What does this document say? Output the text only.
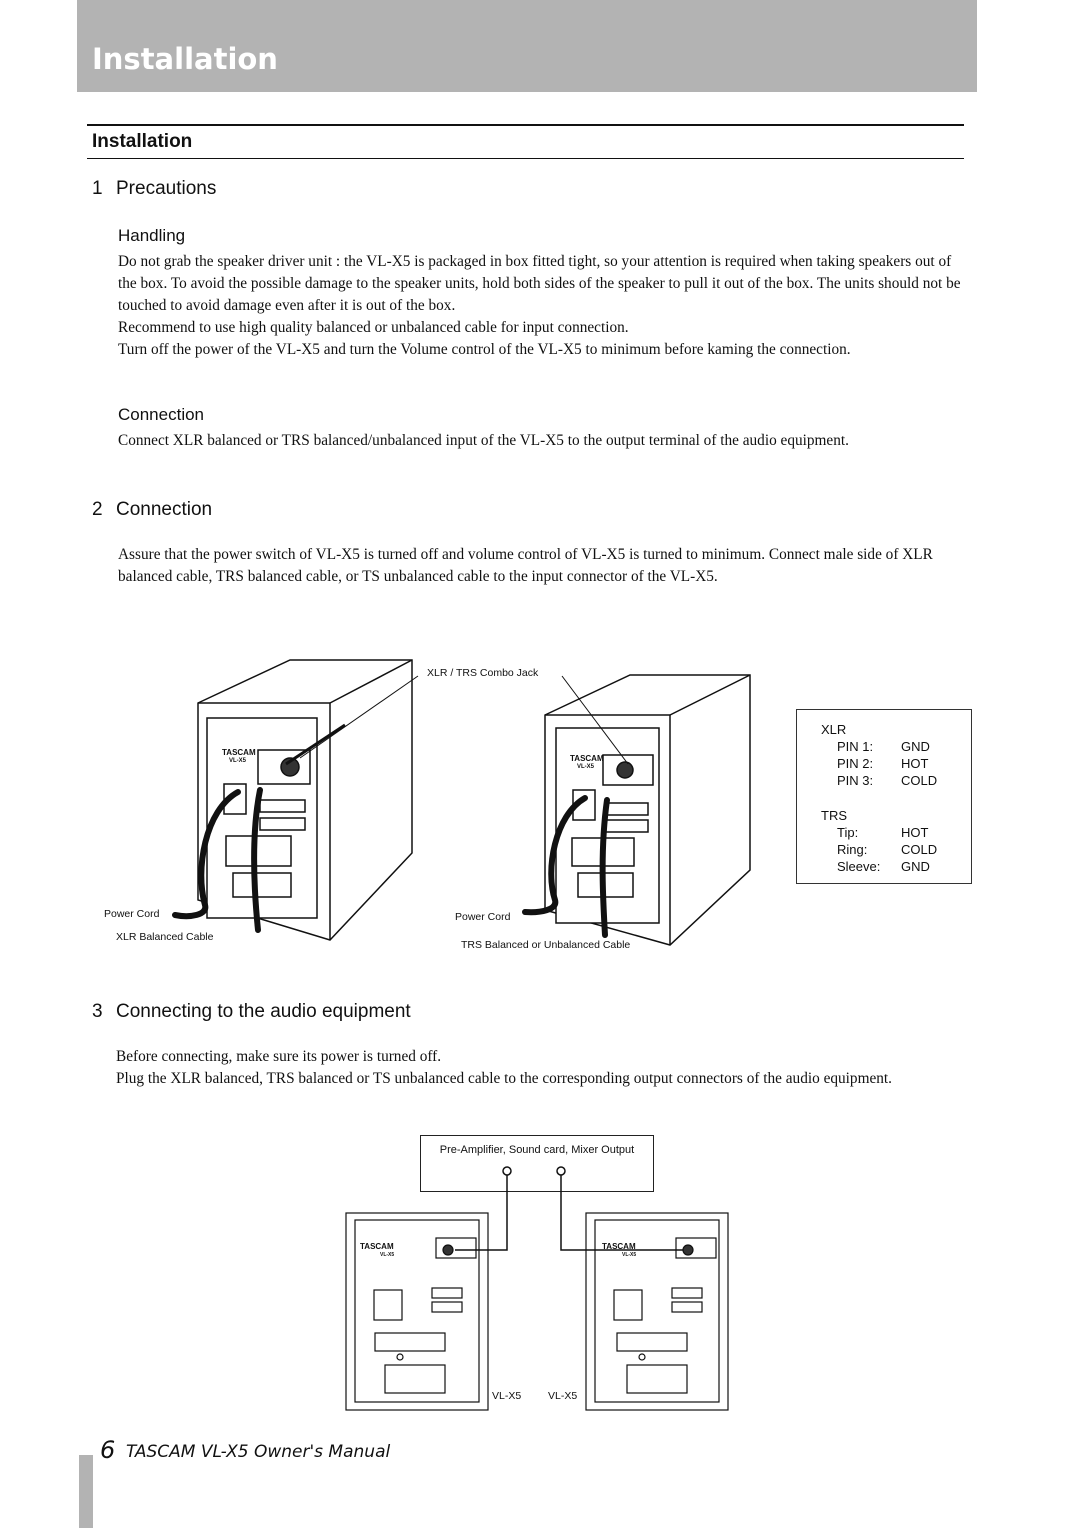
Installation
Installation
1 Precautions
Handling

Do not grab the speaker driver unit : the VL-X5 is packaged in box fitted tight, so your attention is required when taking speakers out of the box. To avoid the possible damage to the speaker units, hold both sides of the speaker to pull it out of the box. The units should not be touched to avoid damage even after it is out of the box.

Recommend to use high quality balanced or unbalanced cable for input connection.

Turn off the power of the VL-X5 and turn the Volume control of the VL-X5 to minimum before kaming the connection.

Connection

Connect XLR balanced or TRS balanced/unbalanced input of the VL-X5 to the output terminal of the audio equipment.

2 Connection

Assure that the power switch of VL-X5 is turned off and volume control of VL-X5 is turned to minimum. Connect male side of XLR balanced cable, TRS balanced cable, or TS unbalanced cable to the input connector of the VL-X5.

XLR / TRS Combo Jack
Power Cord
XLR Balanced Cable
Power Cord
TRS Balanced or Unbalanced Cable
TASCAM
VL-X5	TASCAM
VL-X5
XLR
PIN 1: GND
PIN 2: HOT
PIN 3: COLD
TRS
Tip:	HOT
Ring:	COLD
Sleeve: GND
3 Connecting to the audio equipment

Before connecting, make sure its power is turned off.

Plug the XLR balanced, TRS balanced or TS unbalanced cable to the corresponding output connectors of the audio equipment.

Pre-Amplifier, Sound card, Mixer Output
TASCAM
VL-X5
TASCAM
VL-X5
VL-X5	VL-X5
6 TASCAM VL-X5 Owner's Manual
